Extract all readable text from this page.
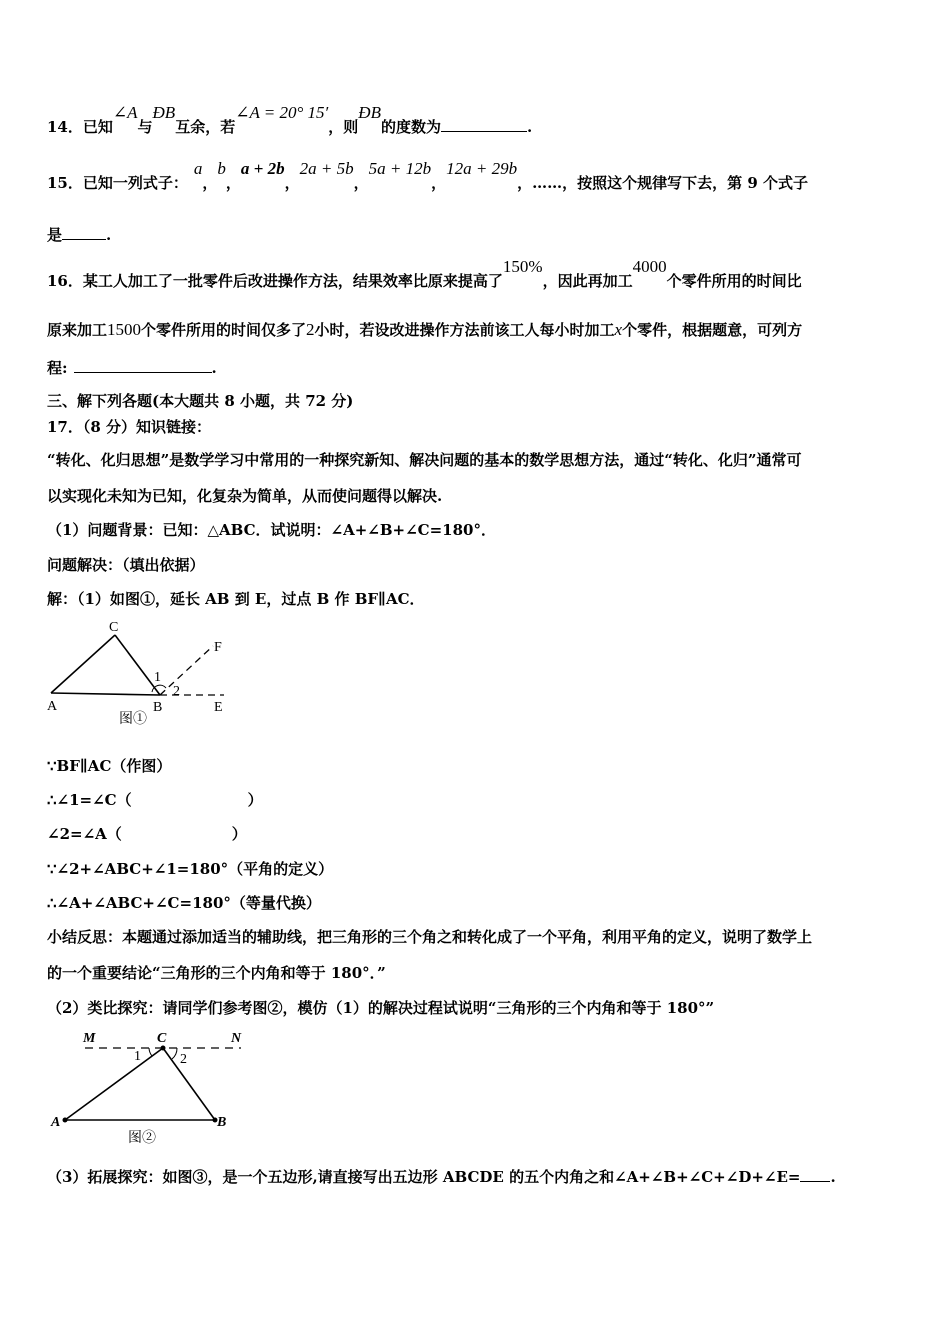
14．已知∠A与ÐB互余，若∠A = 20° 15′，则ÐB的度数为	.
15．已知一列式子：a，b，a + 2b，2a + 5b，5a + 12b，12a + 29b，……，按照这个规律写下去，第 9 个式子
是	.
16．某工人加工了一批零件后改进操作方法，结果效率比原来提高了150%，因此再加工4000个零件所用的时间比
原来加工1500个零件所用的时间仅多了2小时，若设改进操作方法前该工人每小时加工x个零件，根据题意，可列方
程:	.
三、解下列各题(本大题共 8 小题，共 72 分)
17．（8 分）知识链接：
“转化、化归思想”是数学学习中常用的一种探究新知、解决问题的基本的数学思想方法，通过“转化、化归”通常可
以实现化未知为已知，化复杂为简单，从而使问题得以解决.
（1）问题背景：已知：△ABC．试说明：∠A+∠B+∠C=180°．
问题解决：（填出依据）
解：（1）如图①，延长 AB 到 E，过点 B 作 BF∥AC．
C
F
1
2
A	B	E
图①
∵BF∥AC（作图）
∴∠1=∠C（	）
∠2=∠A（	）
∵∠2+∠ABC+∠1=180°（平角的定义）
∴∠A+∠ABC+∠C=180°（等量代换）
小结反思：本题通过添加适当的辅助线，把三角形的三个角之和转化成了一个平角，利用平角的定义，说明了数学上
的一个重要结论“三角形的三个内角和等于 180°．”
（2）类比探究：请同学们参考图②，模仿（1）的解决过程试说明“三角形的三个内角和等于 180°”
M	C	N
1	2
A	B
图②
（3）拓展探究：如图③，是一个五边形,请直接写出五边形 ABCDE 的五个内角之和∠A+∠B+∠C+∠D+∠E= .
